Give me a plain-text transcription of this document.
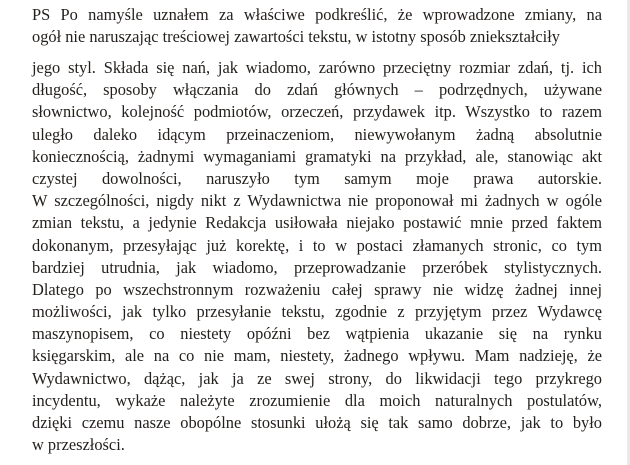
PS Po namyśle uznałem za właściwe podkreślić, że wprowadzone zmiany, na
ogół nie naruszając treściowej zawartości tekstu, w istotny sposób zniekształciły
jego styl. Składa się nań, jak wiadomo, zarówno przeciętny rozmiar zdań, tj. ich
długość, sposoby włączania do zdań głównych – podrzędnych, używane
słownictwo, kolejność podmiotów, orzeczeń, przydawek itp. Wszystko to razem
uległo daleko idącym przeinaczeniom, niewywołanym żadną absolutnie
koniecznością, żadnymi wymaganiami gramatyki na przykład, ale, stanowiąc akt
czystej dowolności, naruszyło tym samym moje prawa autorskie.
W szczególności, nigdy nikt z Wydawnictwa nie proponował mi żadnych w ogóle
zmian tekstu, a jedynie Redakcja usiłowała niejako postawić mnie przed faktem
dokonanym, przesyłając już korektę, i to w postaci złamanych stronic, co tym
bardziej utrudnia, jak wiadomo, przeprowadzanie przeróbek stylistycznych.
Dlatego po wszechstronnym rozważeniu całej sprawy nie widzę żadnej innej
możliwości, jak tylko przesyłanie tekstu, zgodnie z przyjętym przez Wydawcę
maszynopisem, co niestety opóźni bez wątpienia ukazanie się na rynku
księgarskim, ale na co nie mam, niestety, żadnego wpływu. Mam nadzieję, że
Wydawnictwo, dążąc, jak ja ze swej strony, do likwidacji tego przykrego
incydentu, wykaże należyte zrozumienie dla moich naturalnych postulatów,
dzięki czemu nasze obopólne stosunki ułożą się tak samo dobrze, jak to było
w przeszłości.
